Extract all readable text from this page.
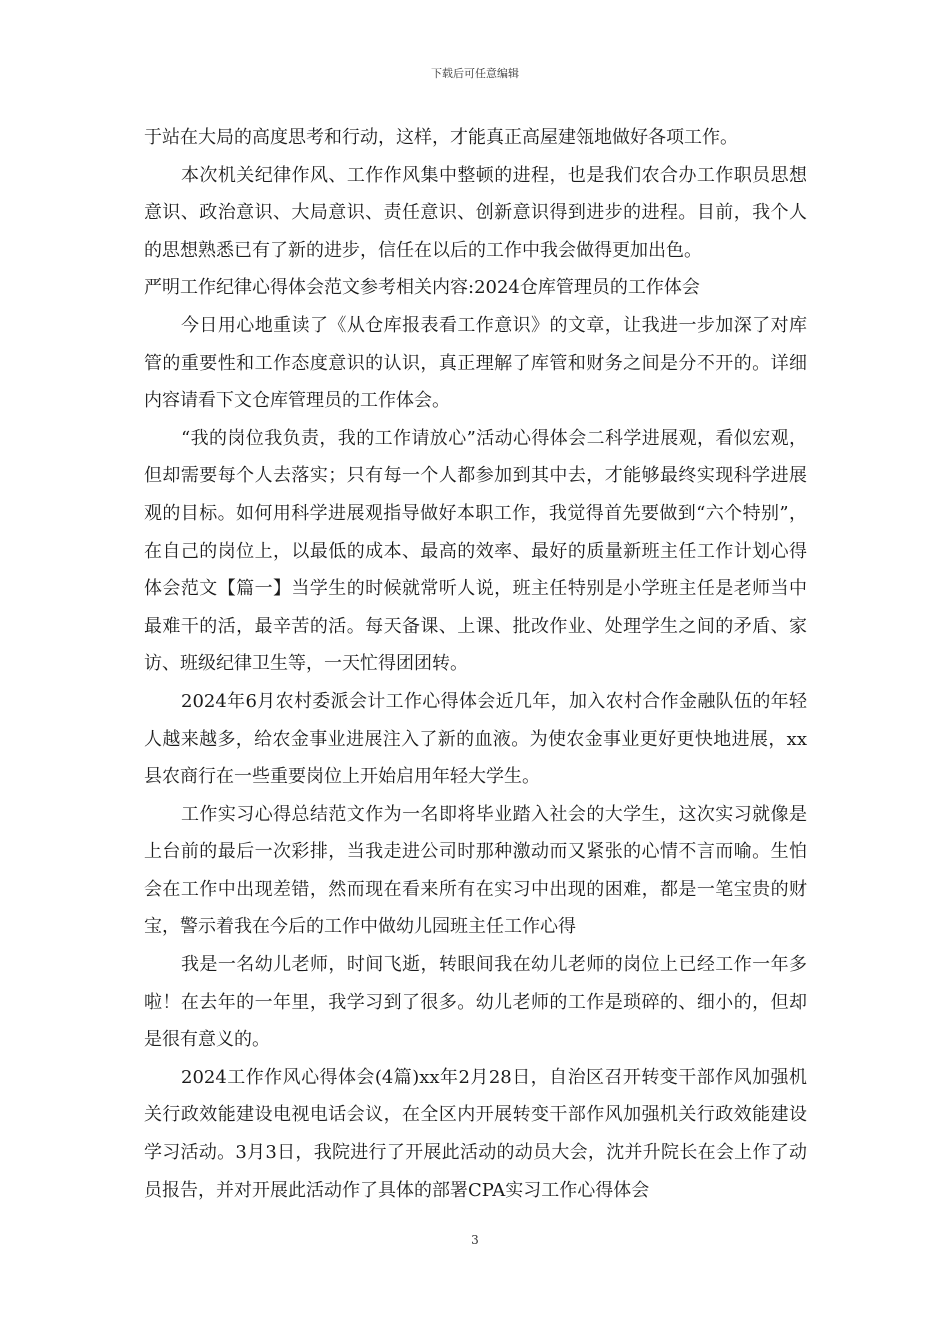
下载后可任意编辑

于站在大局的高度思考和行动，这样，才能真正高屋建瓴地做好各项工作。

本次机关纪律作风、工作作风集中整顿的进程，也是我们农合办工作职员思想意识、政治意识、大局意识、责任意识、创新意识得到进步的进程。目前，我个人的思想熟悉已有了新的进步，信任在以后的工作中我会做得更加出色。

严明工作纪律心得体会范文参考相关内容:2024仓库管理员的工作体会

今日用心地重读了《从仓库报表看工作意识》的文章，让我进一步加深了对库管的重要性和工作态度意识的认识，真正理解了库管和财务之间是分不开的。详细内容请看下文仓库管理员的工作体会。

“我的岗位我负责，我的工作请放心”活动心得体会二科学进展观，看似宏观，但却需要每个人去落实；只有每一个人都参加到其中去，才能够最终实现科学进展观的目标。如何用科学进展观指导做好本职工作，我觉得首先要做到“六个特别”，在自己的岗位上，以最低的成本、最高的效率、最好的质量新班主任工作计划心得体会范文【篇一】当学生的时候就常听人说，班主任特别是小学班主任是老师当中最难干的活，最辛苦的活。每天备课、上课、批改作业、处理学生之间的矛盾、家访、班级纪律卫生等，一天忙得团团转。

2024年6月农村委派会计工作心得体会近几年，加入农村合作金融队伍的年轻人越来越多，给农金事业进展注入了新的血液。为使农金事业更好更快地进展，xx县农商行在一些重要岗位上开始启用年轻大学生。

工作实习心得总结范文作为一名即将毕业踏入社会的大学生，这次实习就像是上台前的最后一次彩排，当我走进公司时那种激动而又紧张的心情不言而喻。生怕会在工作中出现差错，然而现在看来所有在实习中出现的困难，都是一笔宝贵的财宝，警示着我在今后的工作中做幼儿园班主任工作心得

我是一名幼儿老师，时间飞逝，转眼间我在幼儿老师的岗位上已经工作一年多啦！在去年的一年里，我学习到了很多。幼儿老师的工作是琐碎的、细小的，但却是很有意义的。

2024工作作风心得体会(4篇)xx年2月28日，自治区召开转变干部作风加强机关行政效能建设电视电话会议，在全区内开展转变干部作风加强机关行政效能建设学习活动。3月3日，我院进行了开展此活动的动员大会，沈并升院长在会上作了动员报告，并对开展此活动作了具体的部署CPA实习工作心得体会

3
